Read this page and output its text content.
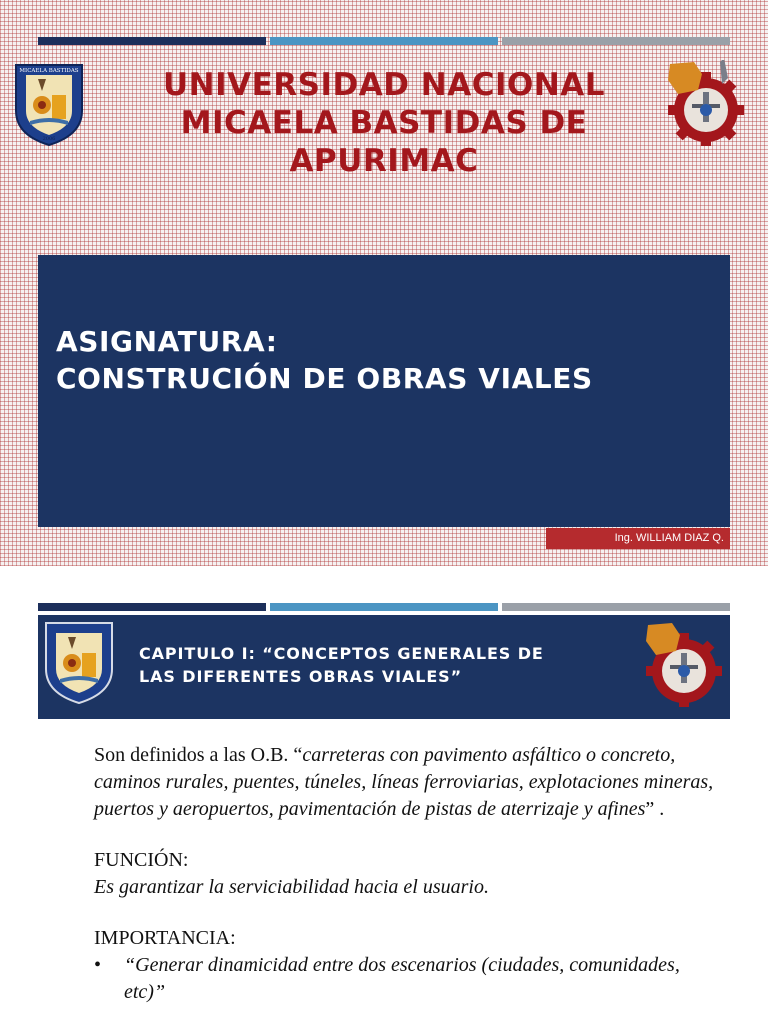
MICAELA BASTIDAS
2006
UNIVERSIDAD NACIONAL
MICAELA BASTIDAS DE
APURIMAC
ASIGNATURA:
CONSTRUCIÓN DE OBRAS VIALES
Ing. WILLIAM DIAZ Q.
CAPITULO I: “CONCEPTOS GENERALES DE
LAS DIFERENTES OBRAS VIALES”

Son definidos a las O.B. “carreteras con pavimento asfáltico o concreto, caminos rurales, puentes, túneles, líneas ferroviarias, explotaciones mineras, puertos y aeropuertos, pavimentación de pistas de aterrizaje y afines” .

FUNCIÓN:

Es garantizar la serviciabilidad hacia el usuario.

IMPORTANCIA:

•	“Generar dinamicidad entre dos escenarios (ciudades, comunidades, etc)”
